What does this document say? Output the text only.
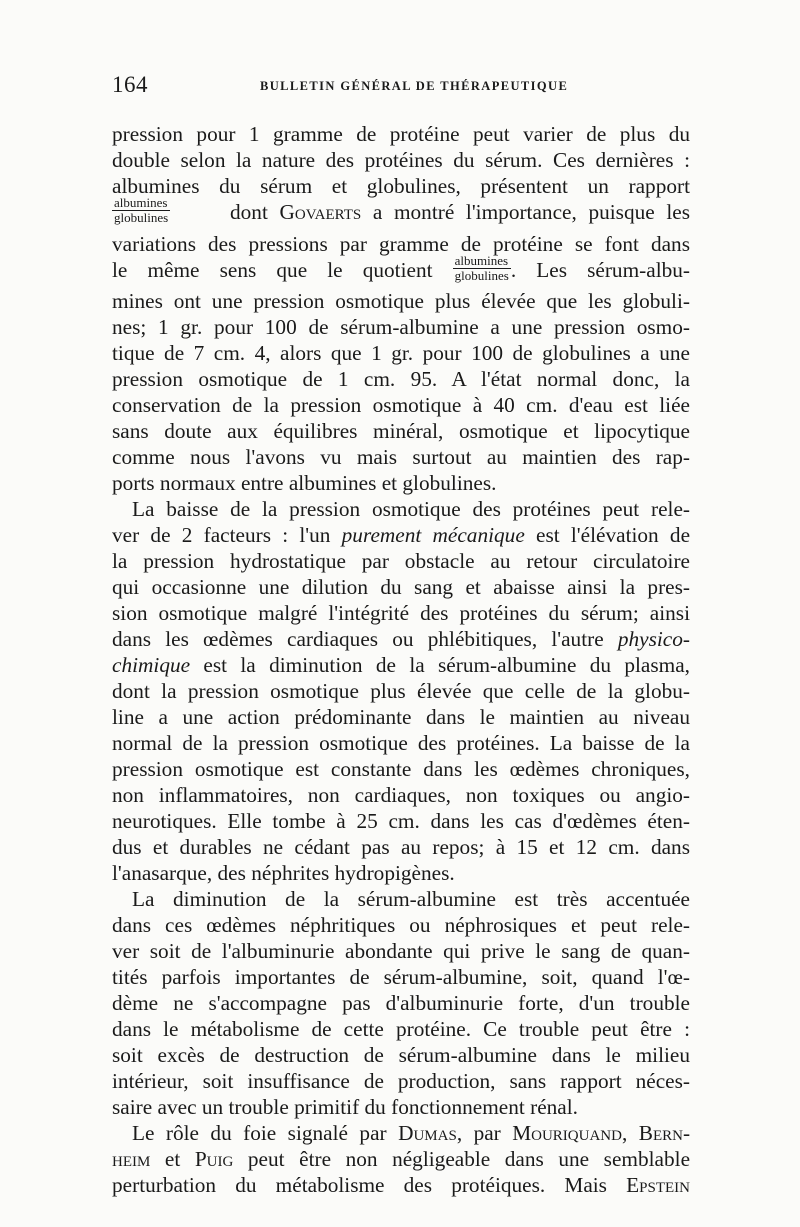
164	BULLETIN GÉNÉRAL DE THÉRAPEUTIQUE
pression pour 1 gramme de protéine peut varier de plus du
double selon la nature des protéines du sérum. Ces dernières :
albumines du sérum et globulines, présentent un rapport
albumines
globulines	dont Govaerts a montré l'importance, puisque les
variations des pressions par gramme de protéine se font dans
le même sens que le quotient $\frac{\text{albumines}}{\text{globulines}}$ . Les sérum-albu-
mines ont une pression osmotique plus élevée que les globuli-
nes; 1 gr. pour 100 de sérum-albumine a une pression osmo-
tique de 7 cm. 4, alors que 1 gr. pour 100 de globulines a une
pression osmotique de 1 cm. 95. A l'état normal donc, la
conservation de la pression osmotique à 40 cm. d'eau est liée
sans doute aux équilibres minéral, osmotique et lipocytique
comme nous l'avons vu mais surtout au maintien des rap-
ports normaux entre albumines et globulines.
La baisse de la pression osmotique des protéines peut rele-
ver de 2 facteurs : l'un purement mécanique est l'élévation de
la pression hydrostatique par obstacle au retour circulatoire
qui occasionne une dilution du sang et abaisse ainsi la pres-
sion osmotique malgré l'intégrité des protéines du sérum; ainsi
dans les œdèmes cardiaques ou phlébitiques, l'autre physico-
chimique est la diminution de la sérum-albumine du plasma,
dont la pression osmotique plus élevée que celle de la globu-
line a une action prédominante dans le maintien au niveau
normal de la pression osmotique des protéines. La baisse de la
pression osmotique est constante dans les œdèmes chroniques,
non inflammatoires, non cardiaques, non toxiques ou angio-
neurotiques. Elle tombe à 25 cm. dans les cas d'œdèmes éten-
dus et durables ne cédant pas au repos; à 15 et 12 cm. dans
l'anasarque, des néphrites hydropigènes.
La diminution de la sérum-albumine est très accentuée
dans ces œdèmes néphritiques ou néphrosiques et peut rele-
ver soit de l'albuminurie abondante qui prive le sang de quan-
tités parfois importantes de sérum-albumine, soit, quand l'œ-
dème ne s'accompagne pas d'albuminurie forte, d'un trouble
dans le métabolisme de cette protéine. Ce trouble peut être :
soit excès de destruction de sérum-albumine dans le milieu
intérieur, soit insuffisance de production, sans rapport néces-
saire avec un trouble primitif du fonctionnement rénal.
Le rôle du foie signalé par Dumas, par Mouriquand, Bern-
heim et Puig peut être non négligeable dans une semblable
perturbation du métabolisme des protéiques. Mais Epstein
